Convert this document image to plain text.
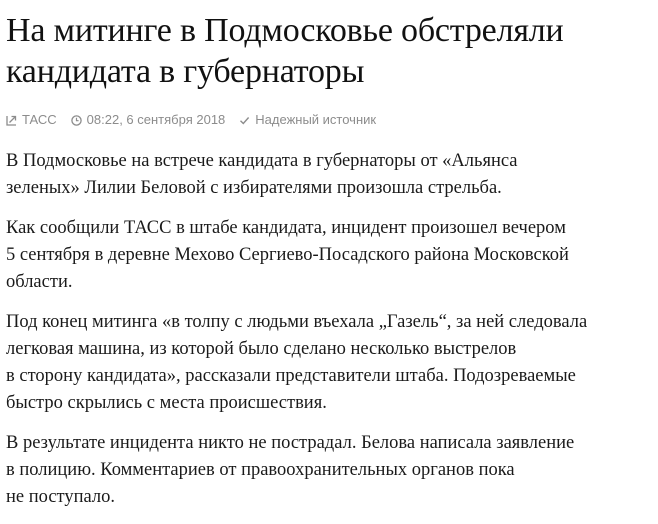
На митинге в Подмосковье обстреляли
кандидата в губернаторы
ТАСС 08:22, 6 сентября 2018 Надежный источник

В Подмосковье на встрече кандидата в губернаторы от «Альянса
зеленых» Лилии Беловой с избирателями произошла стрельба.

Как сообщили ТАСС в штабе кандидата, инцидент произошел вечером
5 сентября в деревне Мехово Сергиево-Посадского района Московской
области.

Под конец митинга «в толпу с людьми въехала „Газель“, за ней следовала
легковая машина, из которой было сделано несколько выстрелов
в сторону кандидата», рассказали представители штаба. Подозреваемые
быстро скрылись с места происшествия.

В результате инцидента никто не пострадал. Белова написала заявление
в полицию. Комментариев от правоохранительных органов пока
не поступало.
